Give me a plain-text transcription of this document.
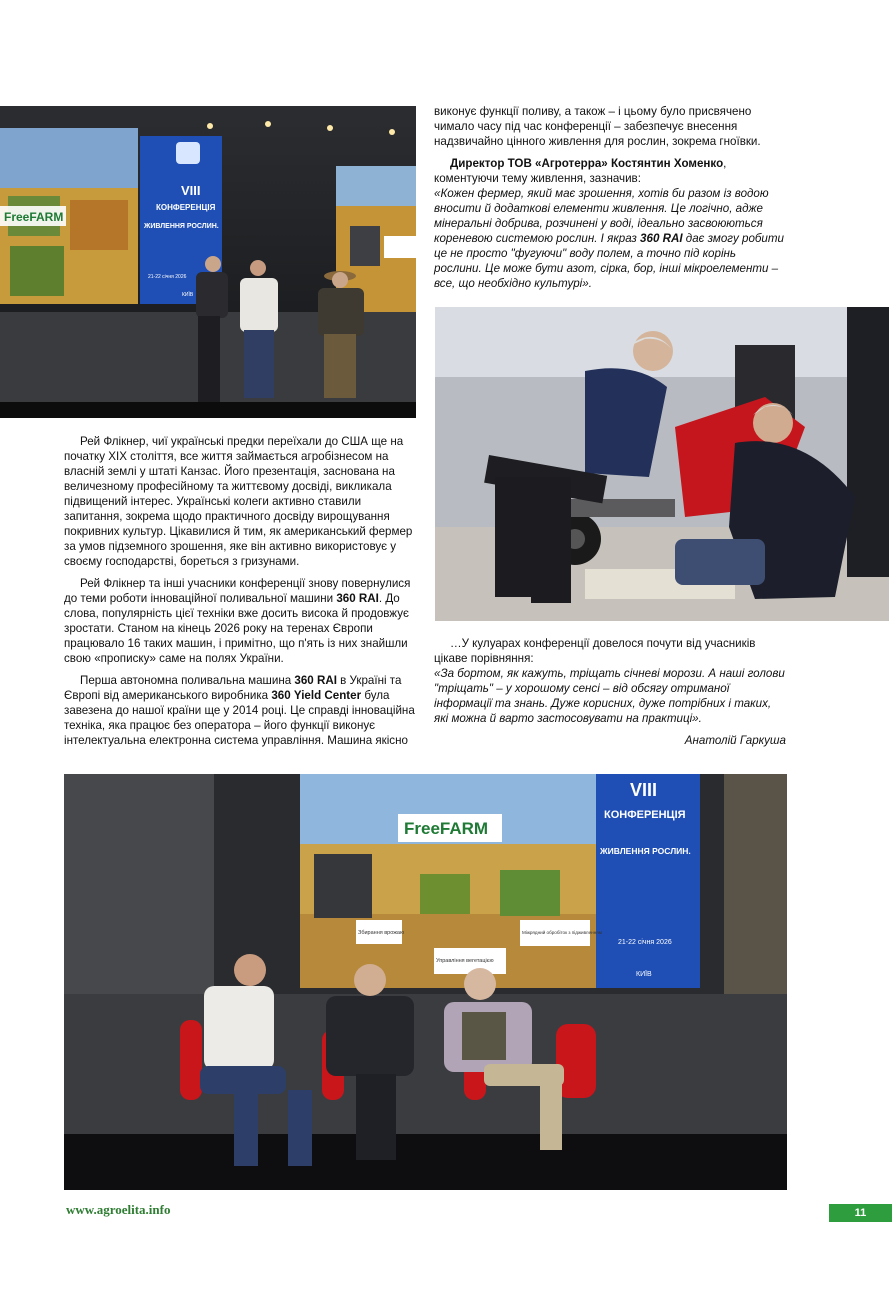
VIII
КОНФЕРЕНЦІЯ
ЖИВЛЕННЯ РОСЛИН.
21-22 січня 2026
КИЇВ
FreeFARM

Рей Флікнер, чиї українські предки переїхали до США ще на початку XIX століття, все життя займається агробізнесом на власній землі у штаті Канзас. Його презентація, заснована на величезному професійному та життєвому досвіді, викликала підвищений інтерес. Українські колеги активно ставили запитання, зокрема щодо практичного досвіду вирощування покривних культур. Цікавилися й тим, як американський фермер за умов підземного зрошення, яке він активно використовує у своєму господарстві, бореться з гризунами.

Рей Флікнер та інші учасники конференції знову повернулися до теми роботи інноваційної поливальної машини 360 RAI. До слова, популярність цієї техніки вже досить висока й продовжує зростати. Станом на кінець 2026 року на теренах Європи працювало 16 таких машин, і примітно, що п'ять із них знайшли свою «прописку» саме на полях України.

Перша автономна поливальна машина 360 RAI в Україні та Європі від американського виробника 360 Yield Center була завезена до нашої країни ще у 2014 році. Це справді інноваційна техніка, яка працює без оператора – його функції виконує інтелектуальна електронна система управління. Машина якісно

виконує функції поливу, а також – і цьому було присвячено чимало часу під час конференції – забезпечує внесення надзвичайно цінного живлення для рослин, зокрема гноївки.

Директор ТОВ «Агротерра» Костянтин Хоменко, коментуючи тему живлення, зазначив:

«Кожен фермер, який має зрошення, хотів би разом із водою вносити й додаткові елементи живлення. Це логічно, адже мінеральні добрива, розчинені у воді, ідеально засвоюються кореневою системою рослин. І якраз 360 RAI дає змогу робити це не просто "фугуючи" воду полем, а точно під корінь рослини. Це може бути азот, сірка, бор, інші мікроелементи – все, що необхідно культурі».

…У кулуарах конференції довелося почути від учасників цікаве порівняння:

«За бортом, як кажуть, тріщать січневі морози. А наші голови "тріщать" – у хорошому сенсі – від обсягу отриманої інформації та знань. Дуже корисних, дуже потрібних і таких, які можна й варто застосовувати на практиці».

Анатолій Гаркуша

FreeFARM
VIII
КОНФЕРЕНЦІЯ
ЖИВЛЕННЯ РОСЛИН.
21-22 січня 2026
КИЇВ
Збирання врожаю
Управління вегетацією
Міжрядний обробіток з підживленням
www.agroelita.info	11
